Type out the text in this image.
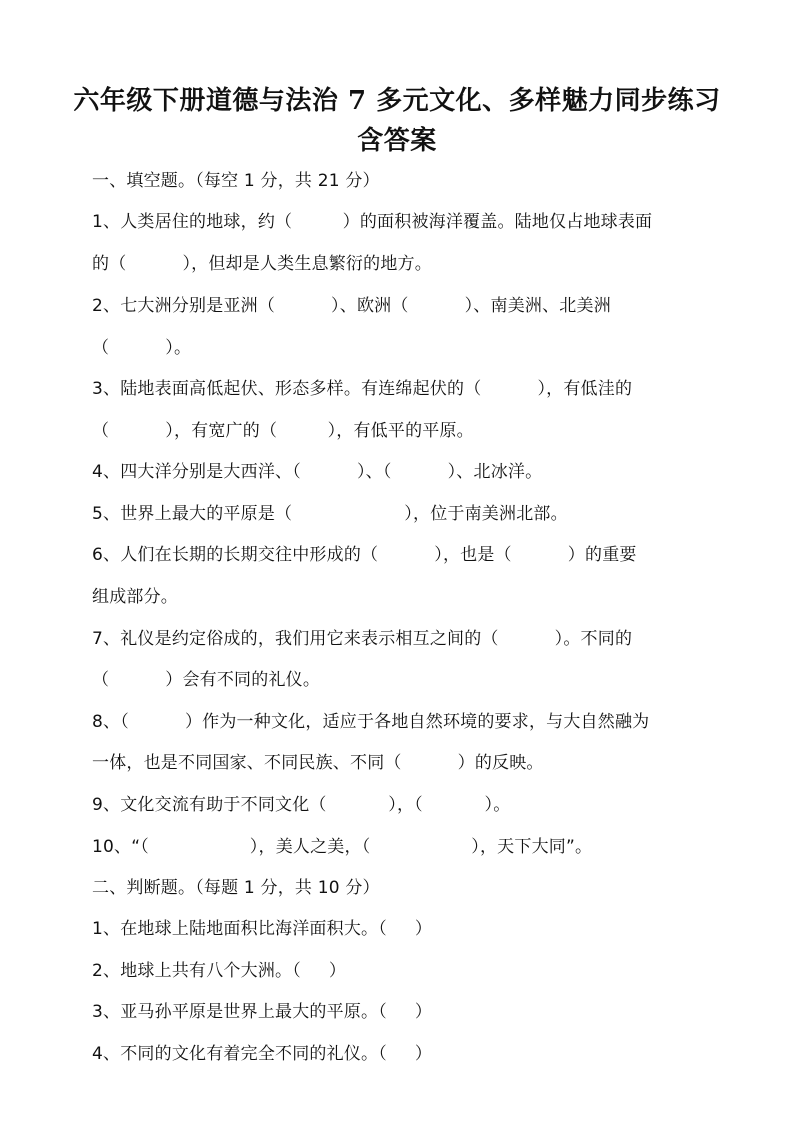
六年级下册道德与法治 7 多元文化、多样魅力同步练习
含答案
一、填空题。（每空 1 分，共 21 分）
1、人类居住的地球，约（         ）的面积被海洋覆盖。陆地仅占地球表面
的（          ），但却是人类生息繁衍的地方。
2、七大洲分别是亚洲（          ）、欧洲（          ）、南美洲、北美洲
（          ）。
3、陆地表面高低起伏、形态多样。有连绵起伏的（          ），有低洼的
（          ），有宽广的（         ），有低平的平原。
4、四大洋分别是大西洋、（          ）、（          ）、北冰洋。
5、世界上最大的平原是（                    ），位于南美洲北部。
6、人们在长期的长期交往中形成的（          ），也是（          ）的重要
组成部分。
7、礼仪是约定俗成的，我们用它来表示相互之间的（          ）。不同的
（          ）会有不同的礼仪。
8、（          ）作为一种文化，适应于各地自然环境的要求，与大自然融为
一体，也是不同国家、不同民族、不同（          ）的反映。
9、文化交流有助于不同文化（           ），（           ）。
10、“（                  ），美人之美，（                  ），天下大同”。
二、判断题。（每题 1 分，共 10 分）
1、在地球上陆地面积比海洋面积大。（     ）
2、地球上共有八个大洲。（     ）
3、亚马孙平原是世界上最大的平原。（     ）
4、不同的文化有着完全不同的礼仪。（     ）
